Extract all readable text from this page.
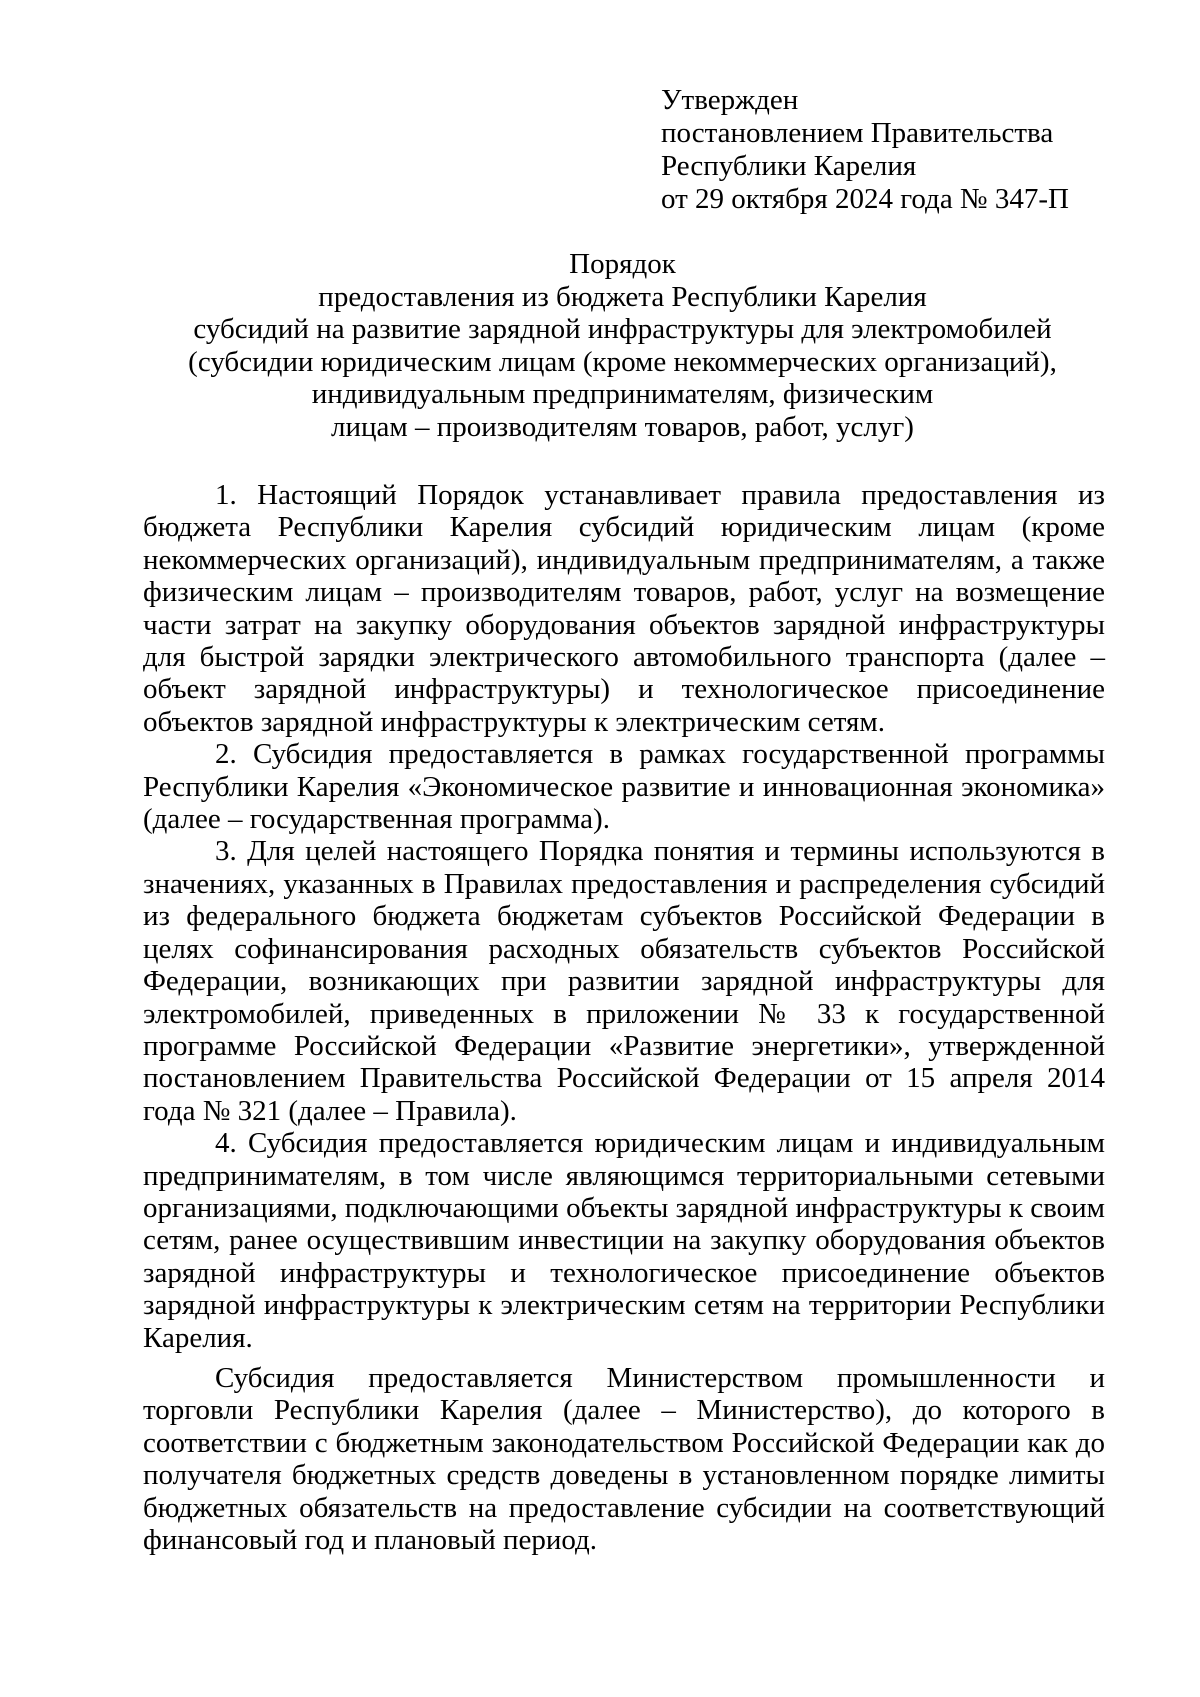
Утвержден
постановлением Правительства
Республики Карелия
от 29 октября 2024 года № 347-П
Порядок
предоставления из бюджета Республики Карелия
субсидий на развитие зарядной инфраструктуры для электромобилей
(субсидии юридическим лицам (кроме некоммерческих организаций),
индивидуальным предпринимателям, физическим
лицам – производителям товаров, работ, услуг)

1. Настоящий Порядок устанавливает правила предоставления из бюджета Республики Карелия субсидий юридическим лицам (кроме некоммерческих организаций), индивидуальным предпринимателям, а также физическим лицам – производителям товаров, работ, услуг на возмещение части затрат на закупку оборудования объектов зарядной инфраструктуры для быстрой зарядки электрического автомобильного транспорта (далее – объект зарядной инфраструктуры) и технологическое присоединение объектов зарядной инфраструктуры к электрическим сетям.

2. Субсидия предоставляется в рамках государственной программы Республики Карелия «Экономическое развитие и инновационная экономика» (далее – государственная программа).

3. Для целей настоящего Порядка понятия и термины используются в значениях, указанных в Правилах предоставления и распределения субсидий из федерального бюджета бюджетам субъектов Российской Федерации в целях софинансирования расходных обязательств субъектов Российской Федерации, возникающих при развитии зарядной инфраструктуры для электромобилей, приведенных в приложении № 33 к государственной программе Российской Федерации «Развитие энергетики», утвержденной постановлением Правительства Российской Федерации от 15 апреля 2014 года № 321 (далее – Правила).

4. Субсидия предоставляется юридическим лицам и индивидуальным предпринимателям, в том числе являющимся территориальными сетевыми организациями, подключающими объекты зарядной инфраструктуры к своим сетям, ранее осуществившим инвестиции на закупку оборудования объектов зарядной инфраструктуры и технологическое присоединение объектов зарядной инфраструктуры к электрическим сетям на территории Республики Карелия.

Субсидия предоставляется Министерством промышленности и торговли Республики Карелия (далее – Министерство), до которого в соответствии с бюджетным законодательством Российской Федерации как до получателя бюджетных средств доведены в установленном порядке лимиты бюджетных обязательств на предоставление субсидии на соответствующий финансовый год и плановый период.
